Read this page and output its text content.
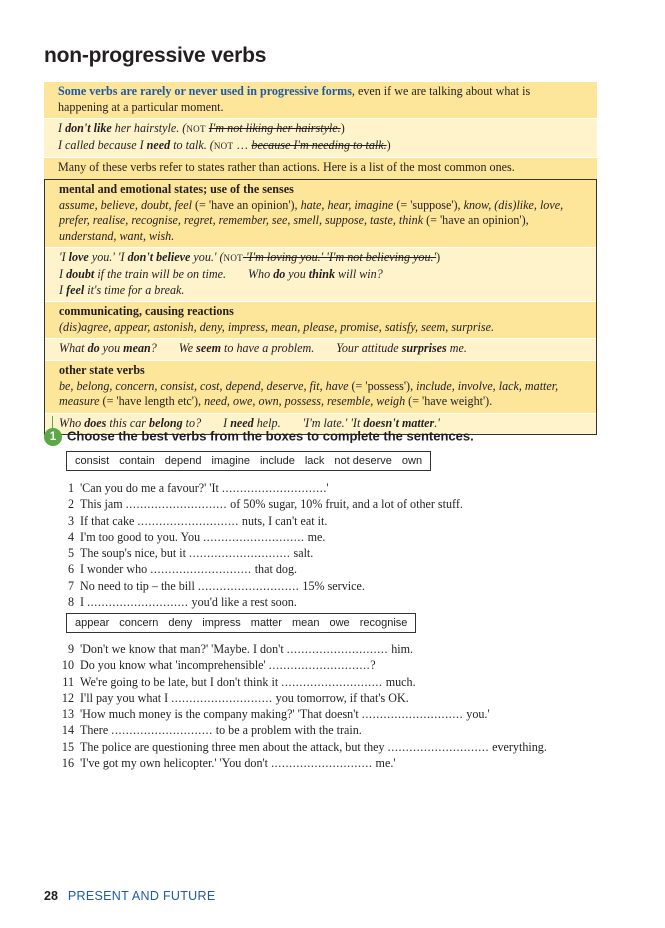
non-progressive verbs
Some verbs are rarely or never used in progressive forms, even if we are talking about what is happening at a particular moment.
I don't like her hairstyle. (NOT I'm not liking her hairstyle.)
I called because I need to talk. (NOT … because I'm needing to talk.)
Many of these verbs refer to states rather than actions. Here is a list of the most common ones.
mental and emotional states; use of the senses
assume, believe, doubt, feel (= 'have an opinion'), hate, hear, imagine (= 'suppose'), know, (dis)like, love, prefer, realise, recognise, regret, remember, see, smell, suppose, taste, think (= 'have an opinion'), understand, want, wish.
'I love you.' 'I don't believe you.' (NOT 'I'm loving you.' 'I'm not believing you.')
I doubt if the train will be on time. Who do you think will win?
I feel it's time for a break.
communicating, causing reactions
(dis)agree, appear, astonish, deny, impress, mean, please, promise, satisfy, seem, surprise.
What do you mean? We seem to have a problem. Your attitude surprises me.
other state verbs
be, belong, concern, consist, cost, depend, deserve, fit, have (= 'possess'), include, involve, lack, matter, measure (= 'have length etc'), need, owe, own, possess, resemble, weigh (= 'have weight').
Who does this car belong to? I need help. 'I'm late.' 'It doesn't matter.'
1 Choose the best verbs from the boxes to complete the sentences.
consist contain depend imagine include lack not deserve own
1 'Can you do me a favour?' 'It .............................'
2 This jam ............................ of 50% sugar, 10% fruit, and a lot of other stuff.
3 If that cake ............................ nuts, I can't eat it.
4 I'm too good to you. You ............................ me.
5 The soup's nice, but it ............................ salt.
6 I wonder who ............................ that dog.
7 No need to tip – the bill ............................ 15% service.
8 I ............................ you'd like a rest soon.
appear concern deny impress matter mean owe recognise
9 'Don't we know that man?' 'Maybe. I don't ............................ him.
10 Do you know what 'incomprehensible' ............................?
11 We're going to be late, but I don't think it ............................ much.
12 I'll pay you what I ............................ you tomorrow, if that's OK.
13 'How much money is the company making?' 'That doesn't ............................ you.'
14 There ............................ to be a problem with the train.
15 The police are questioning three men about the attack, but they ............................ everything.
16 'I've got my own helicopter.' 'You don't ............................ me.'
28 PRESENT AND FUTURE
